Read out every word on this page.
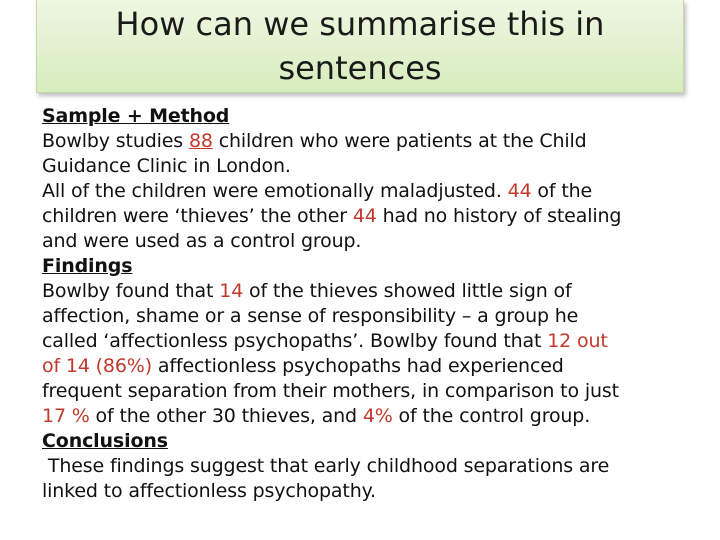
How can we summarise this in
sentences
Sample + Method
Bowlby studies 88 children who were patients at the Child
Guidance Clinic in London.
All of the children were emotionally maladjusted. 44 of the
children were ‘thieves’ the other 44 had no history of stealing
and were used as a control group.
Findings
Bowlby found that 14 of the thieves showed little sign of
affection, shame or a sense of responsibility – a group he
called ‘affectionless psychopaths’. Bowlby found that 12 out
of 14 (86%) affectionless psychopaths had experienced
frequent separation from their mothers, in comparison to just
17 % of the other 30 thieves, and 4% of the control group.
Conclusions
These findings suggest that early childhood separations are
linked to affectionless psychopathy.
